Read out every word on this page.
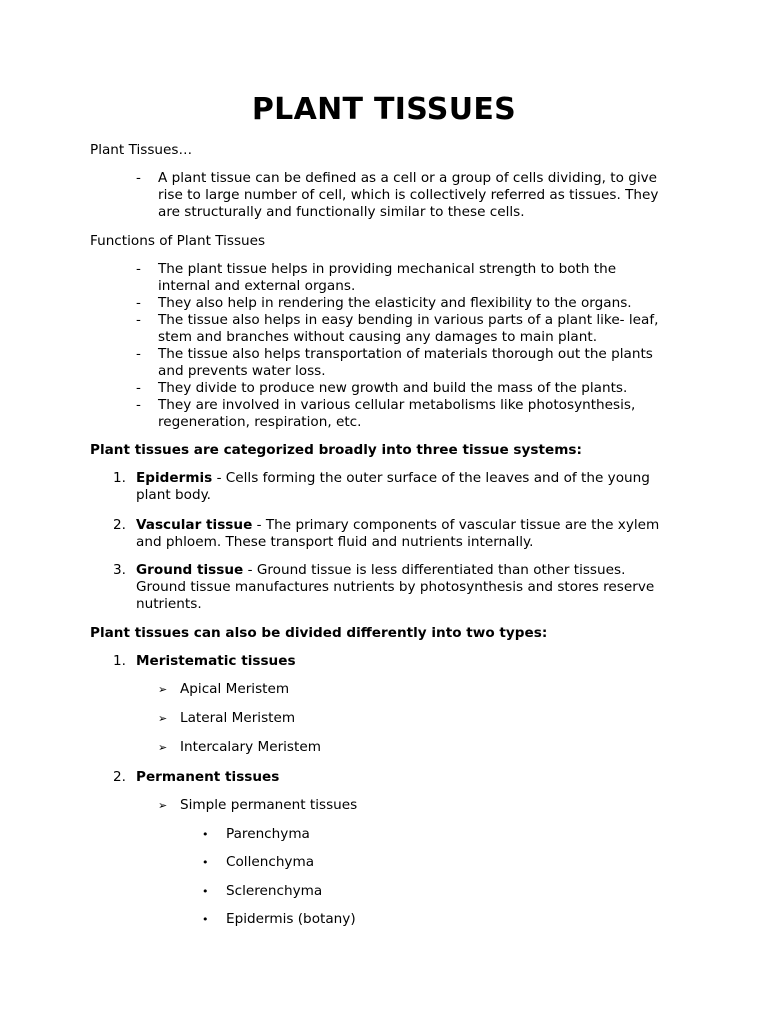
PLANT TISSUES
Plant Tissues…
- A plant tissue can be defined as a cell or a group of cells dividing, to give
rise to large number of cell, which is collectively referred as tissues. They
are structurally and functionally similar to these cells.
Functions of Plant Tissues
- The plant tissue helps in providing mechanical strength to both the
internal and external organs.
- They also help in rendering the elasticity and flexibility to the organs.
- The tissue also helps in easy bending in various parts of a plant like- leaf,
stem and branches without causing any damages to main plant.
- The tissue also helps transportation of materials thorough out the plants
and prevents water loss.
- They divide to produce new growth and build the mass of the plants.
- They are involved in various cellular metabolisms like photosynthesis,
regeneration, respiration, etc.
Plant tissues are categorized broadly into three tissue systems:
1. Epidermis - Cells forming the outer surface of the leaves and of the young
plant body.
2. Vascular tissue - The primary components of vascular tissue are the xylem
and phloem. These transport fluid and nutrients internally.
3. Ground tissue - Ground tissue is less differentiated than other tissues.
Ground tissue manufactures nutrients by photosynthesis and stores reserve
nutrients.
Plant tissues can also be divided differently into two types:
1. Meristematic tissues
➢ Apical Meristem
➢ Lateral Meristem
➢ Intercalary Meristem
2. Permanent tissues
➢ Simple permanent tissues
• Parenchyma
• Collenchyma
• Sclerenchyma
• Epidermis (botany)
